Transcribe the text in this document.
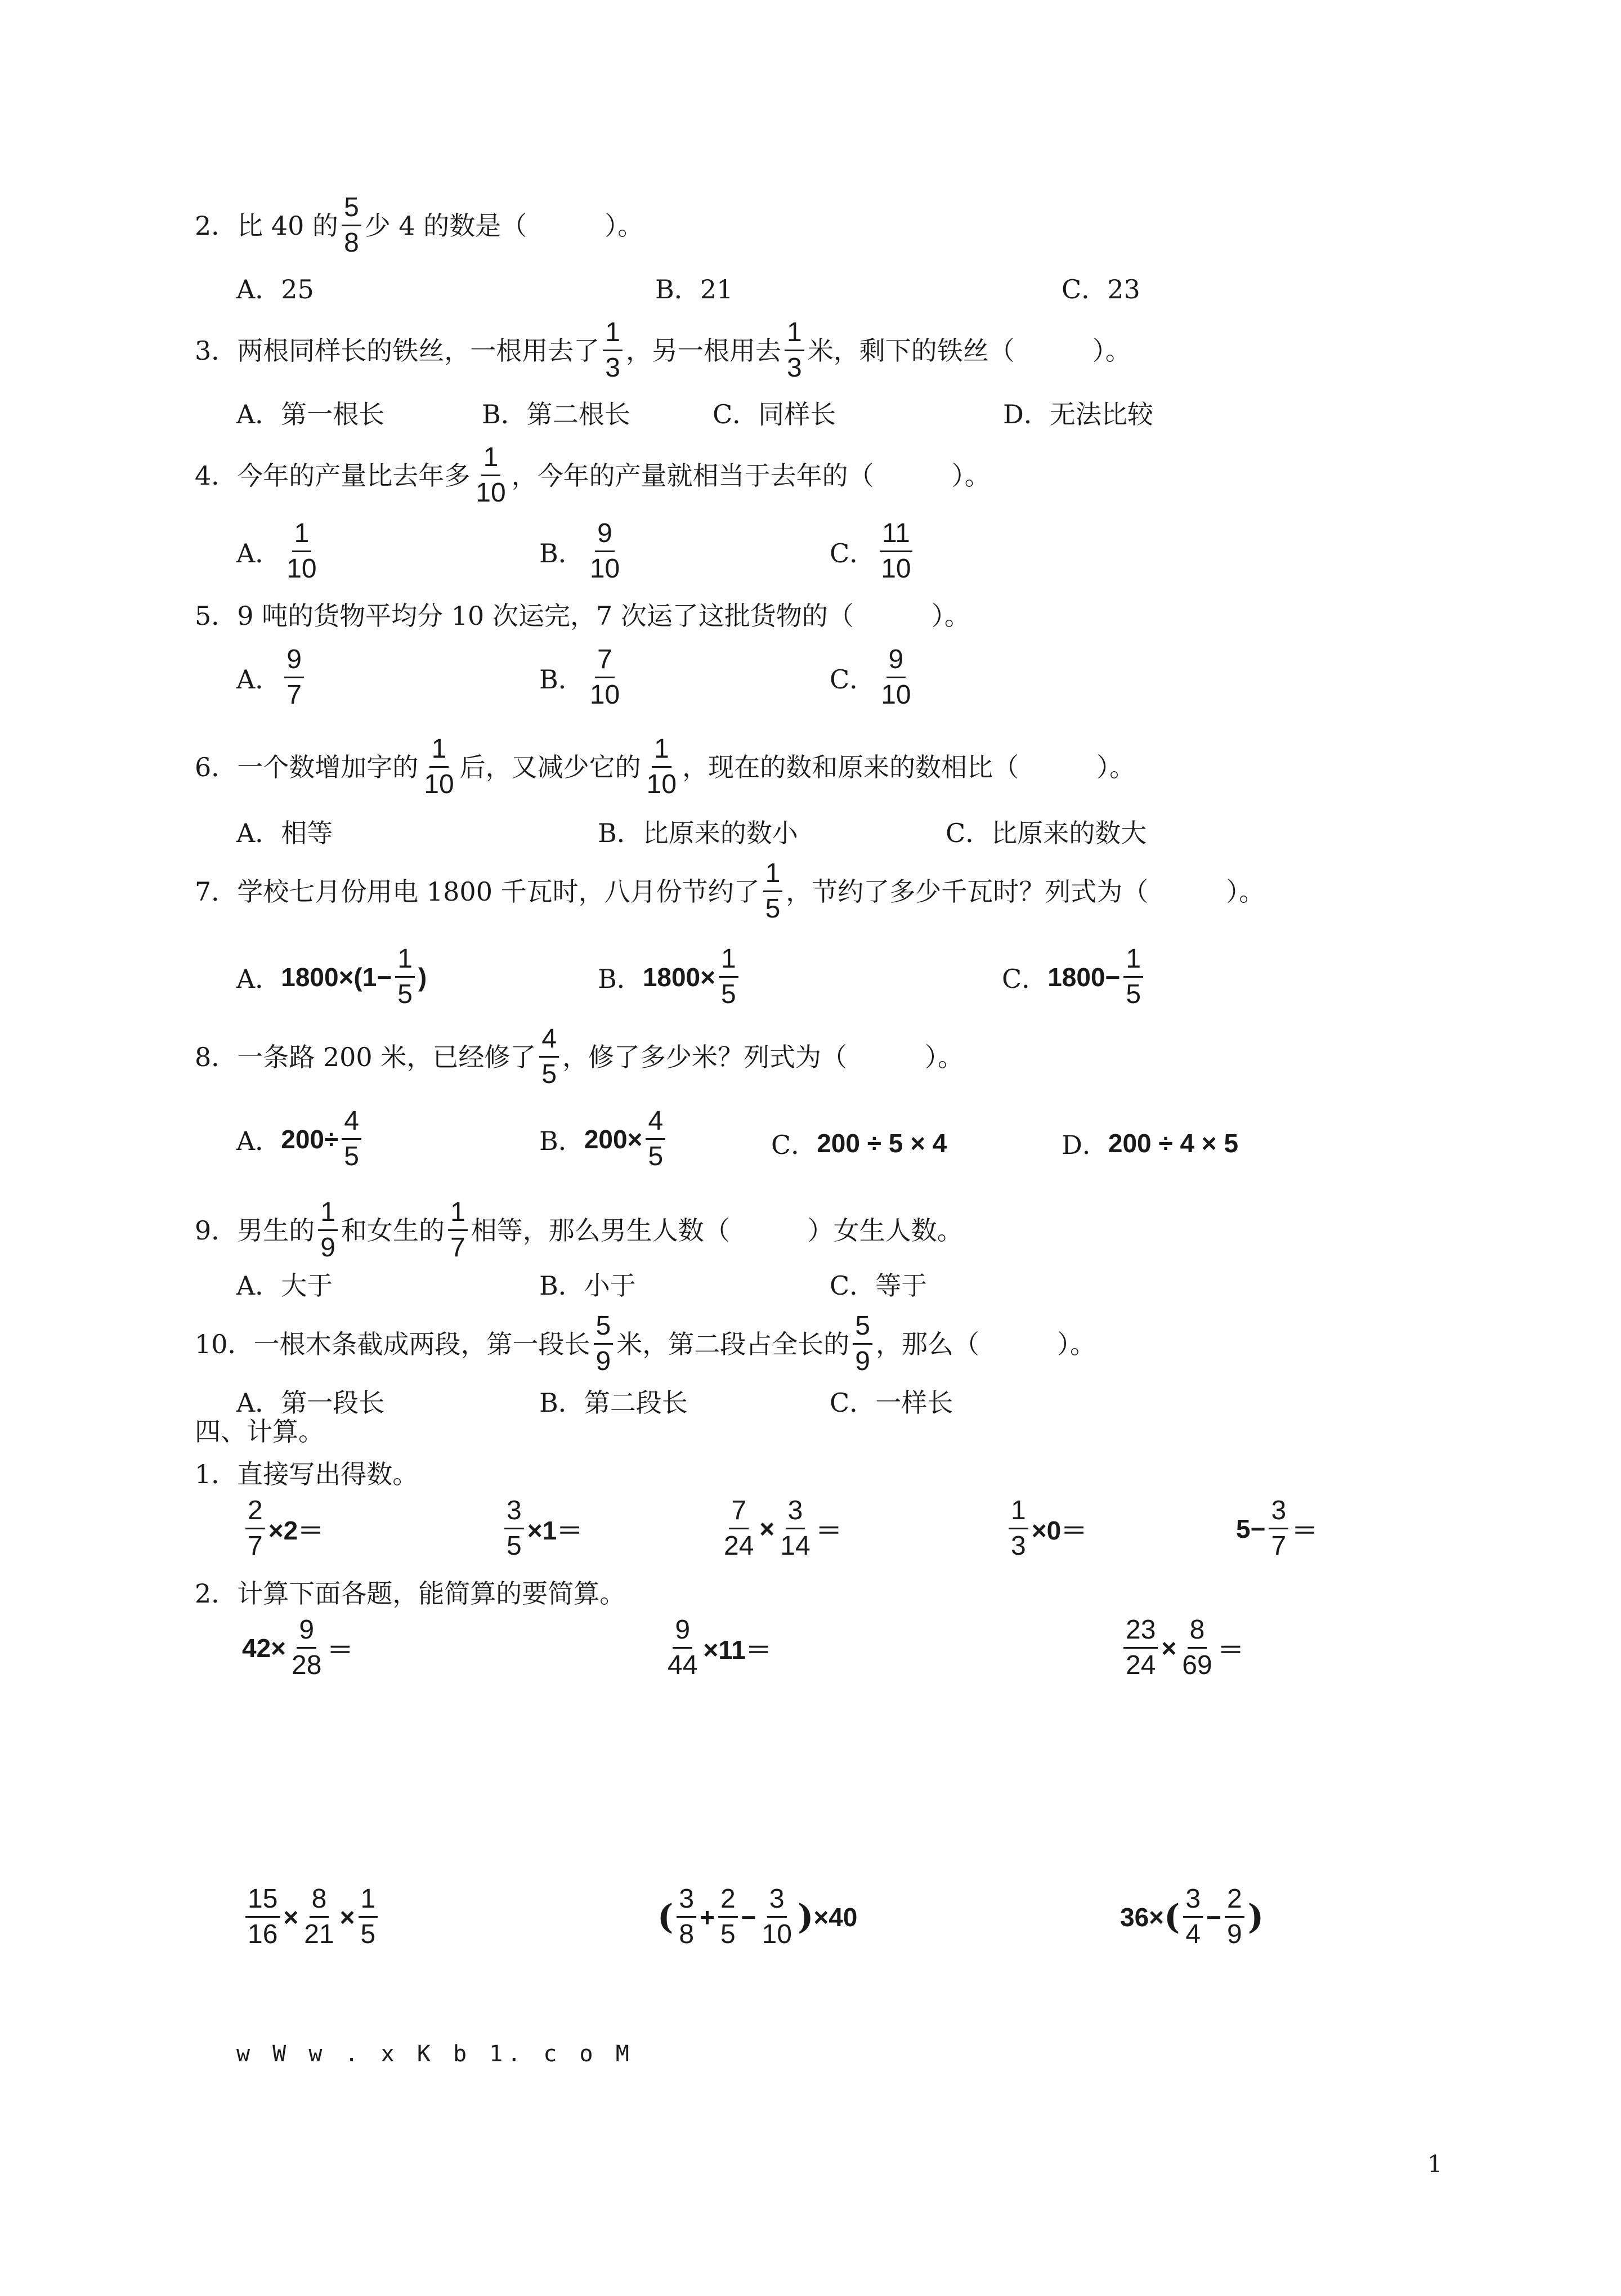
2． 比 40 的 $\frac{5}{8}$ 少 4 的数是（　　　）。
A．25	B．21	C．23
3． 两根同样长的铁丝，一根用去了 $\frac{1}{3}$ ，另一根用去 $\frac{1}{3}$ 米，剩下的铁丝（　　　）。
A．第一根长	B．第二根长	C．同样长	D．无法比较
4． 今年的产量比去年多 $\frac{1}{10}$ ，今年的产量就相当于去年的（　　　）。
A． $\frac{1}{10}$	B． $\frac{9}{10}$	C． $\frac{11}{10}$
5． 9 吨的货物平均分 10 次运完，7 次运了这批货物的（　　　）。
A． $\frac{9}{7}$	B． $\frac{7}{10}$	C． $\frac{9}{10}$
6． 一个数增加字的 $\frac{1}{10}$ 后，又减少它的 $\frac{1}{10}$ ，现在的数和原来的数相比（　　　）。
A．相等	B．比原来的数小	C．比原来的数大
7． 学校七月份用电 1800 千瓦时，八月份节约了 $\frac{1}{5}$ ，节约了多少千瓦时？列式为（　　　）。
A． $1800\times(1- \frac{1}{5}$ )	B． $1800\times \frac{1}{5}$	C． $1800- \frac{1}{5}$
8． 一条路 200 米，已经修了 $\frac{4}{5}$ ，修了多少米？列式为（　　　）。
A． $200\div \frac{4}{5}$	B． $200\times \frac{4}{5}$	C． 200 ÷ 5 × 4	D． 200 ÷ 4 × 5
9． 男生的 $\frac{1}{9}$ 和女生的 $\frac{1}{7}$ 相等，那么男生人数（　　　）女生人数。
A．大于	B．小于	C．等于
10． 一根木条截成两段，第一段长 $\frac{5}{9}$ 米，第二段占全长的 $\frac{5}{9}$ ，那么（　　　）。
A．第一段长	B．第二段长	C．一样长
四、计算。
1．直接写出得数。
$\frac{2}{7} \times 2=$	$\frac{3}{5} \times 1=$	$\frac{7}{24} \times \frac{3}{14}$ ＝	$\frac{1}{3} \times 0=$	$5- \frac{3}{7}$ ＝
2．计算下面各题，能简算的要简算。
$42\times \frac{9}{28}$ ＝	$\frac{9}{44} \times 11=$	$\frac{23}{24} \times \frac{8}{69}$ ＝
$\frac{15}{16} \times \frac{8}{21} \times \frac{1}{5}$	( $\frac{3}{8} + \frac{2}{5} - \frac{3}{10}$ ) ×40	36× ( $\frac{3}{4} - \frac{2}{9}$ )
w W w . x K b 1. c o M
1
